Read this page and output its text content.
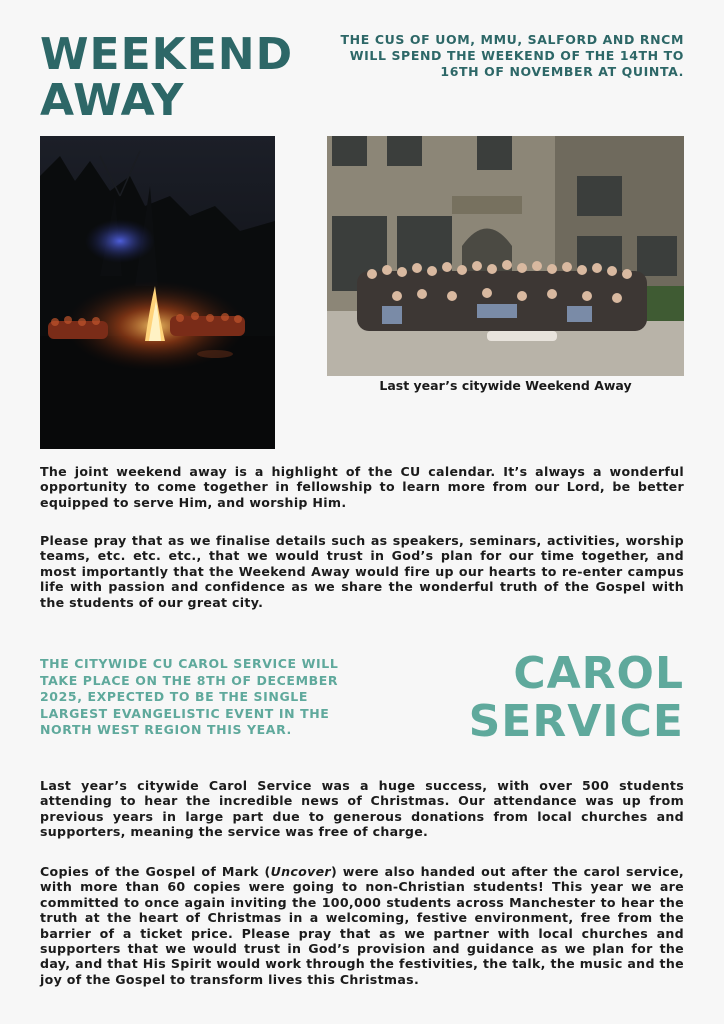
WEEKEND
AWAY

THE CUS OF UOM, MMU, SALFORD AND RNCM WILL SPEND THE WEEKEND OF THE 14TH TO 16TH OF NOVEMBER AT QUINTA.

Last year’s citywide Weekend Away

The joint weekend away is a highlight of the CU calendar. It’s always a wonderful opportunity to come together in fellowship to learn more from our Lord, be better equipped to serve Him, and worship Him.

Please pray that as we finalise details such as speakers, seminars, activities, worship teams, etc. etc. etc., that we would trust in God’s plan for our time together, and most importantly that the Weekend Away would fire up our hearts to re-enter campus life with passion and confidence as we share the wonderful truth of the Gospel with the students of our great city.

THE CITYWIDE CU CAROL SERVICE WILL TAKE PLACE ON THE 8TH OF DECEMBER 2025, EXPECTED TO BE THE SINGLE LARGEST EVANGELISTIC EVENT IN THE NORTH WEST REGION THIS YEAR.

CAROL
SERVICE

Last year’s citywide Carol Service was a huge success, with over 500 students attending to hear the incredible news of Christmas. Our attendance was up from previous years in large part due to generous donations from local churches and supporters, meaning the service was free of charge.

Copies of the Gospel of Mark (Uncover) were also handed out after the carol service, with more than 60 copies were going to non-Christian students! This year we are committed to once again inviting the 100,000 students across Manchester to hear the truth at the heart of Christmas in a welcoming, festive environment, free from the barrier of a ticket price. Please pray that as we partner with local churches and supporters that we would trust in God’s provision and guidance as we plan for the day, and that His Spirit would work through the festivities, the talk, the music and the joy of the Gospel to transform lives this Christmas.
